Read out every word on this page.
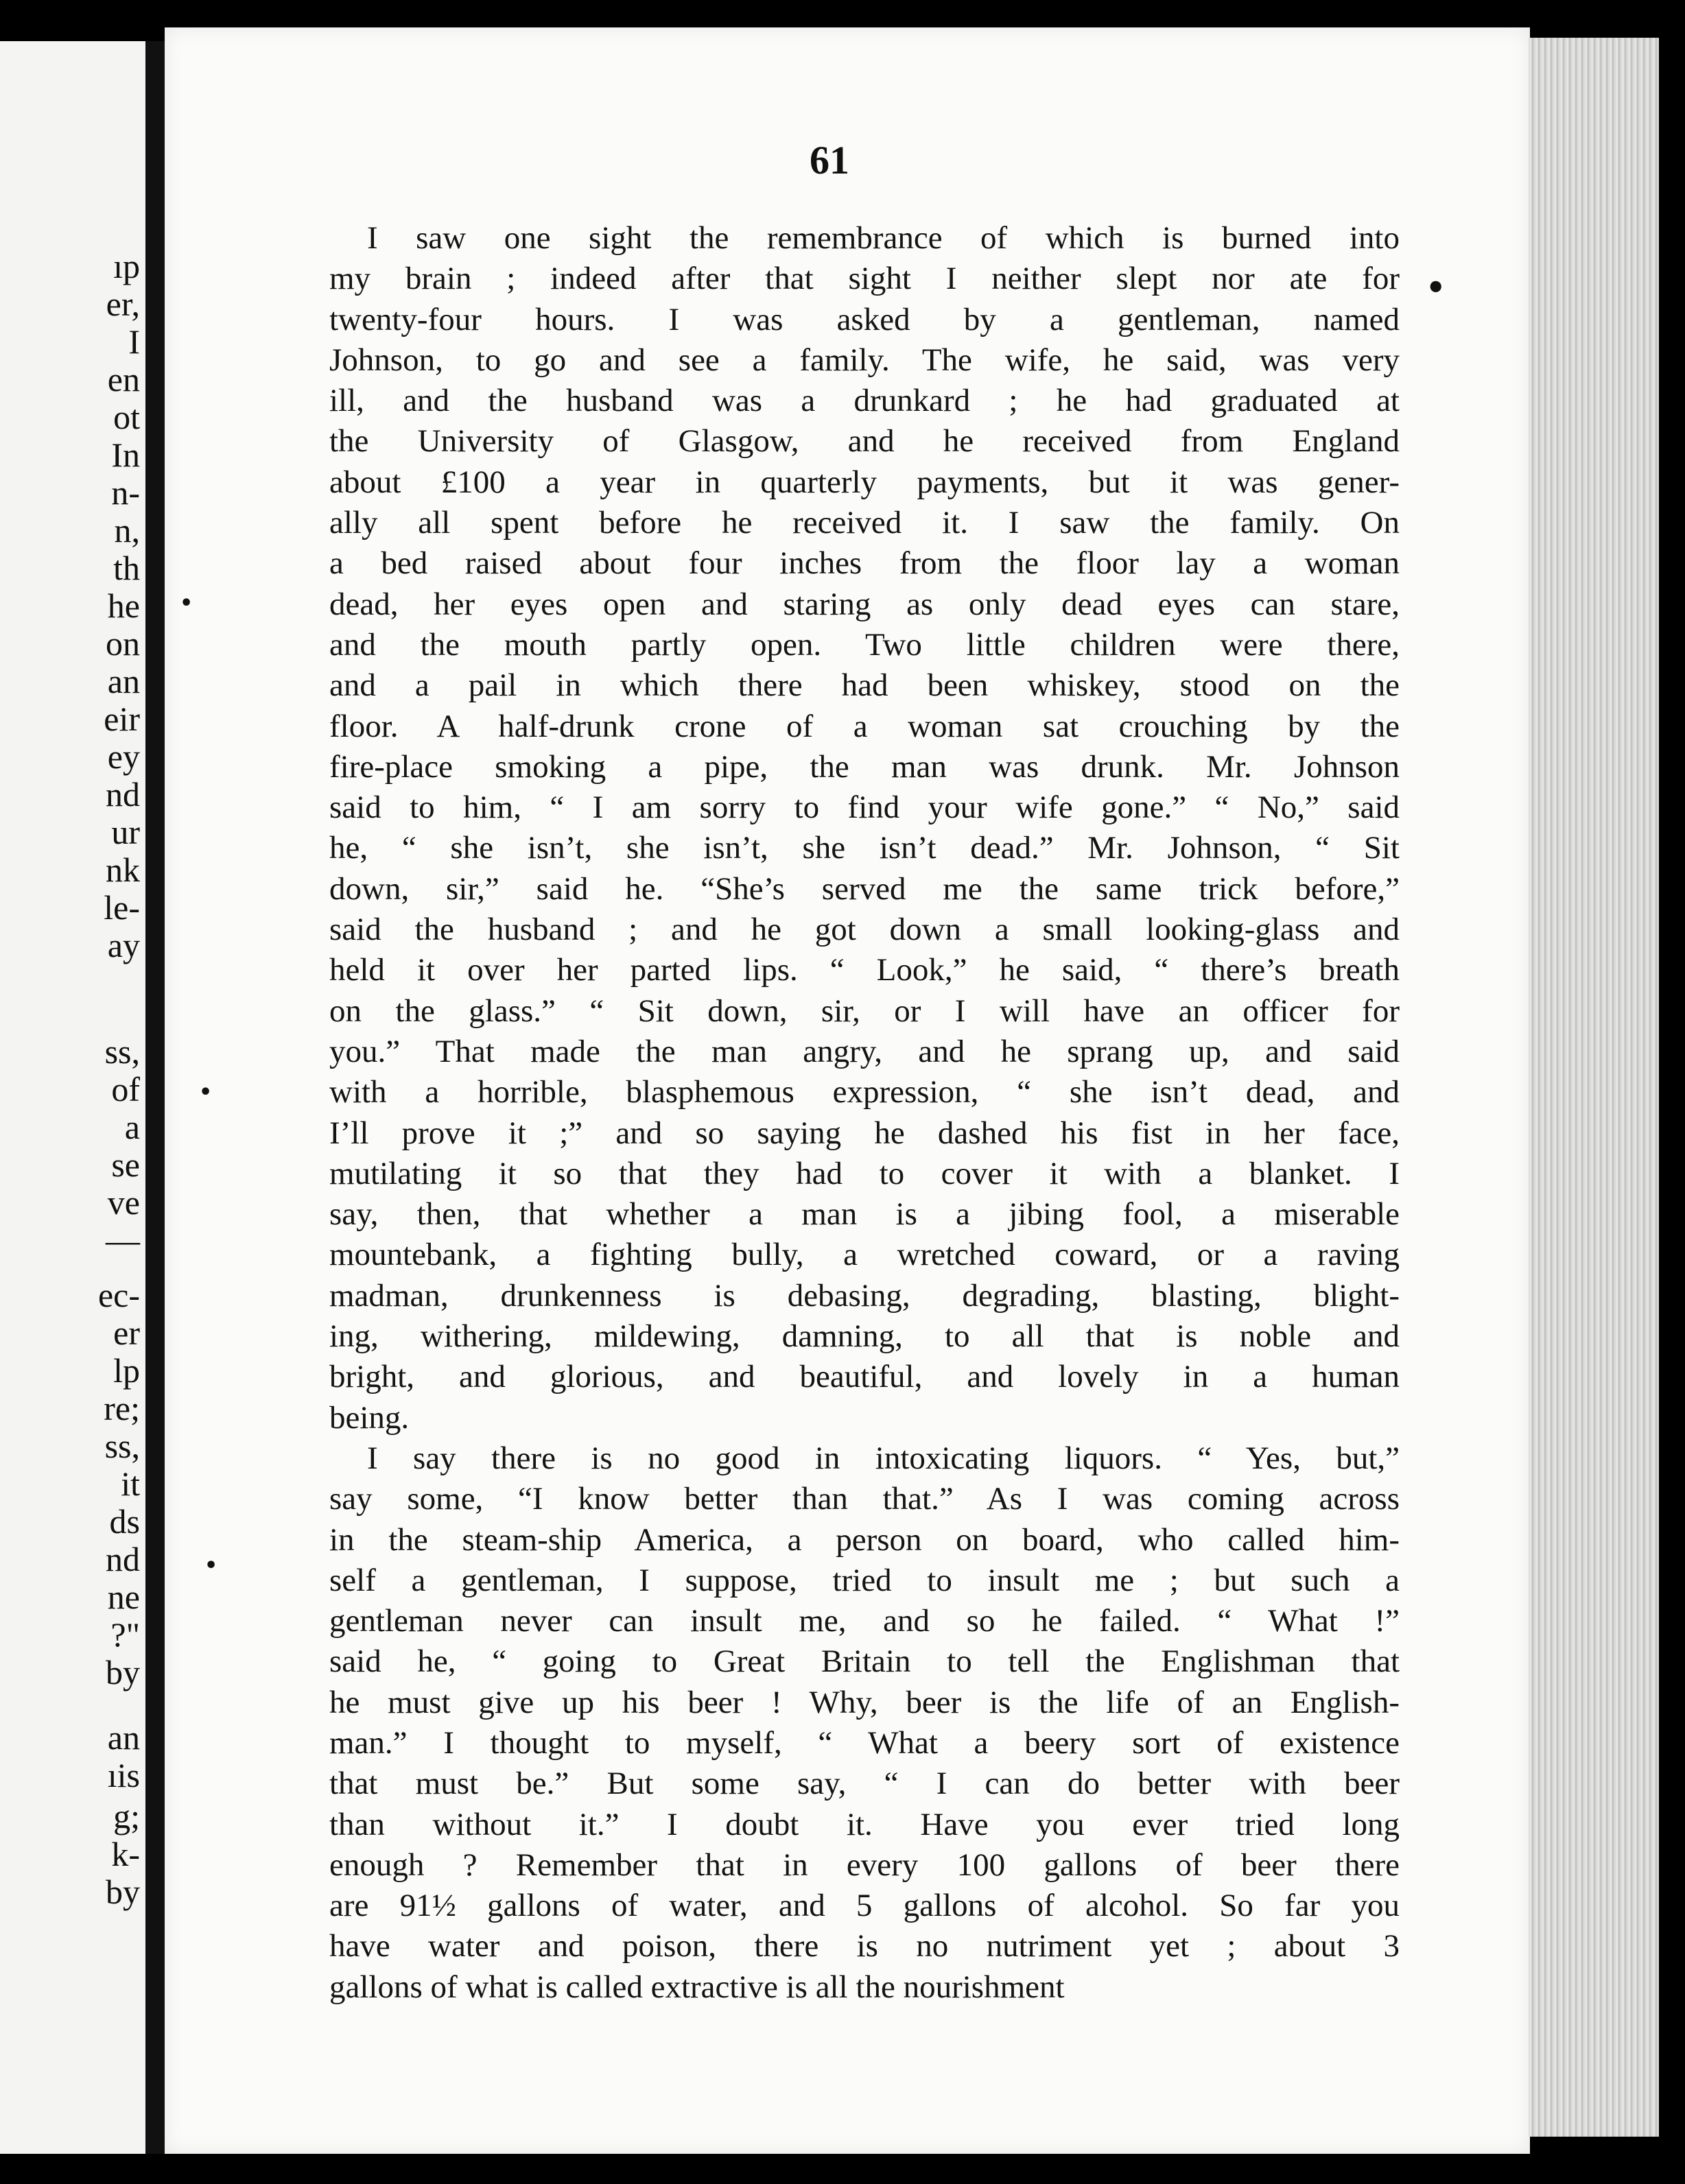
ıp
er,
I
en
ot
In
n-
n,
th
he
on
an
eir
ey
nd
ur
nk
le-
ay
ss,
of
a
se
ve
—
ec-
er
lp
re;
ss,
it
ds
nd
ne
?"
by
an
ıis
g;
k-
by
61
I saw one sight the remembrance of which is burned into
my brain ; indeed after that sight I neither slept nor ate for
twenty-four hours. I was asked by a gentleman, named
Johnson, to go and see a family. The wife, he said, was very
ill, and the husband was a drunkard ; he had graduated at
the University of Glasgow, and he received from England
about £100 a year in quarterly payments, but it was gener-
ally all spent before he received it. I saw the family. On
a bed raised about four inches from the floor lay a woman
dead, her eyes open and staring as only dead eyes can stare,
and the mouth partly open. Two little children were there,
and a pail in which there had been whiskey, stood on the
floor. A half-drunk crone of a woman sat crouching by the
fire-place smoking a pipe, the man was drunk. Mr. Johnson
said to him, “ I am sorry to find your wife gone.” “ No,” said
he, “ she isn’t, she isn’t, she isn’t dead.” Mr. Johnson, “ Sit
down, sir,” said he. “She’s served me the same trick before,”
said the husband ; and he got down a small looking-glass and
held it over her parted lips. “ Look,” he said, “ there’s breath
on the glass.” “ Sit down, sir, or I will have an officer for
you.” That made the man angry, and he sprang up, and said
with a horrible, blasphemous expression, “ she isn’t dead, and
I’ll prove it ;” and so saying he dashed his fist in her face,
mutilating it so that they had to cover it with a blanket. I
say, then, that whether a man is a jibing fool, a miserable
mountebank, a fighting bully, a wretched coward, or a raving
madman, drunkenness is debasing, degrading, blasting, blight-
ing, withering, mildewing, damning, to all that is noble and
bright, and glorious, and beautiful, and lovely in a human
being.
I say there is no good in intoxicating liquors. “ Yes, but,”
say some, “I know better than that.” As I was coming across
in the steam-ship America, a person on board, who called him-
self a gentleman, I suppose, tried to insult me ; but such a
gentleman never can insult me, and so he failed. “ What !”
said he, “ going to Great Britain to tell the Englishman that
he must give up his beer ! Why, beer is the life of an English-
man.” I thought to myself, “ What a beery sort of existence
that must be.” But some say, “ I can do better with beer
than without it.” I doubt it. Have you ever tried long
enough ? Remember that in every 100 gallons of beer there
are 91½ gallons of water, and 5 gallons of alcohol. So far you
have water and poison, there is no nutriment yet ; about 3
gallons of what is called extractive is all the nourishment
•
•
•
•
